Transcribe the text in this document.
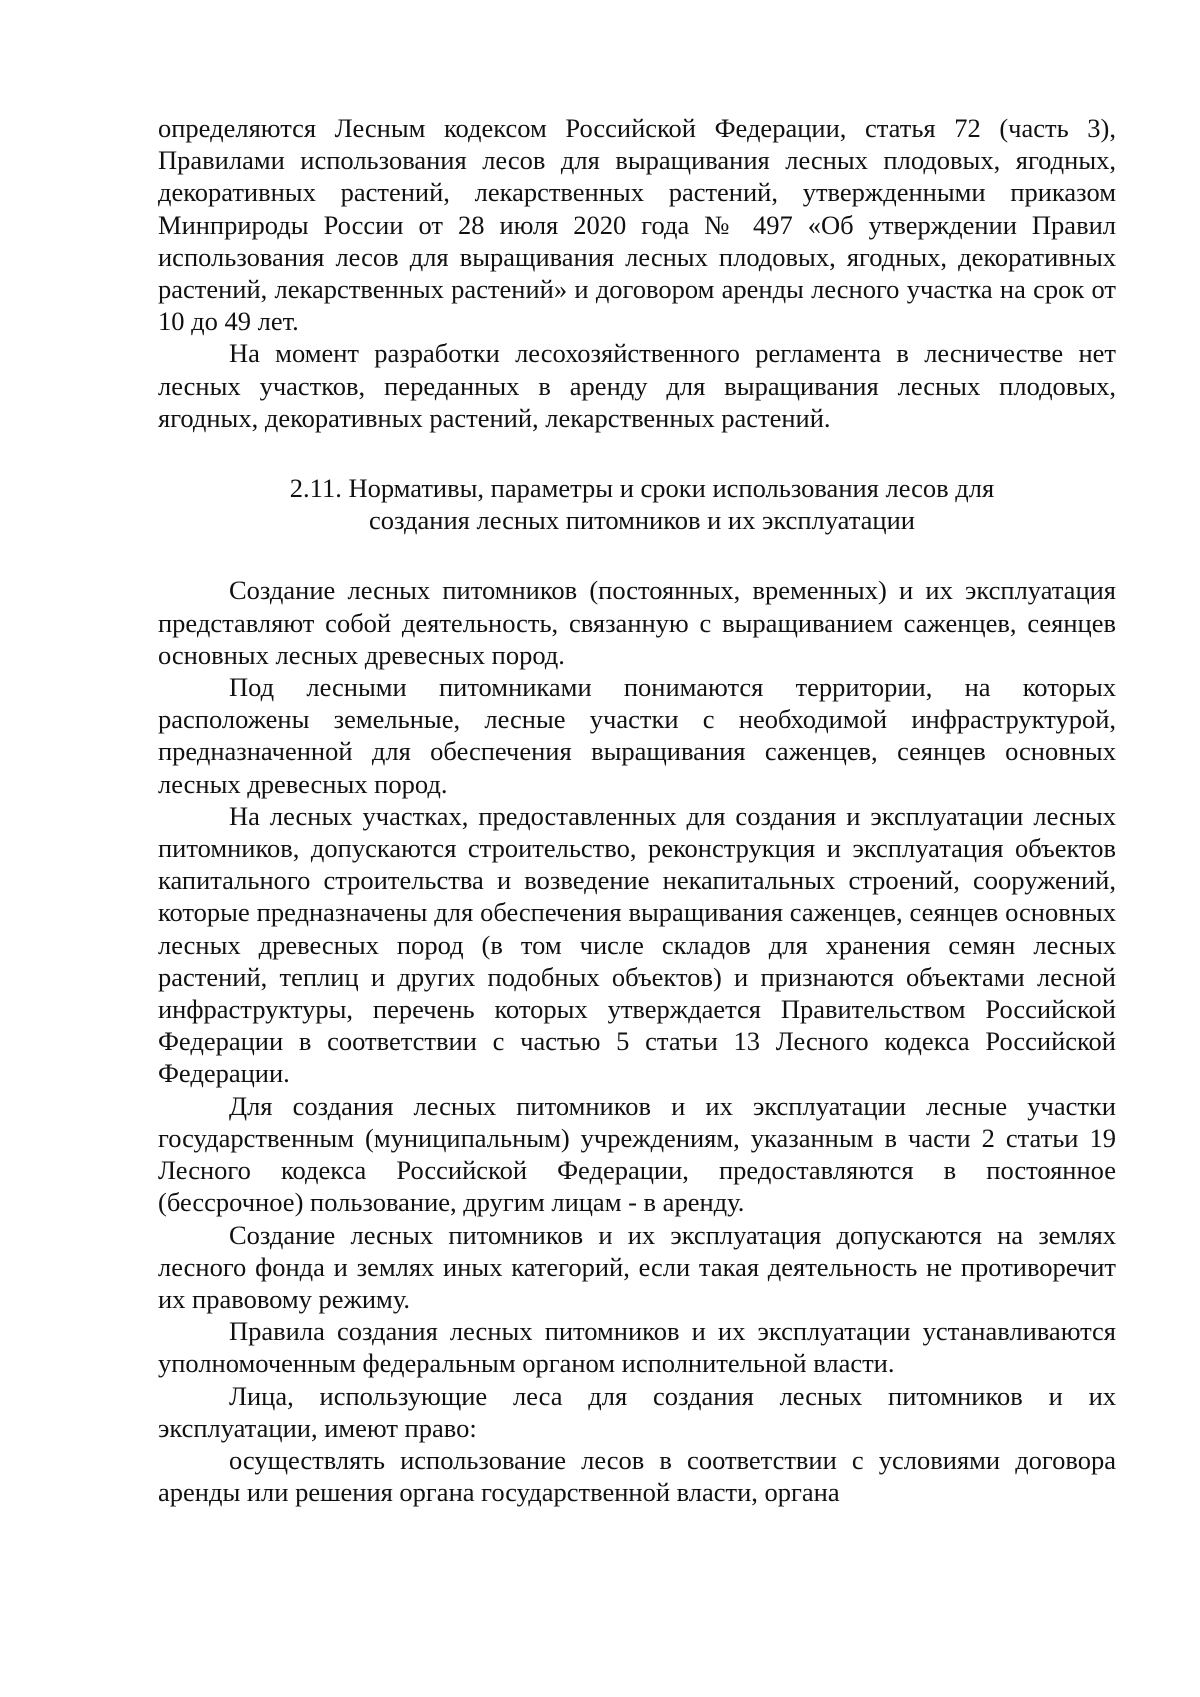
определяются Лесным кодексом Российской Федерации, статья 72 (часть 3), Правилами использования лесов для выращивания лесных плодовых, ягодных, декоративных растений, лекарственных растений, утвержденными приказом Минприроды России от 28 июля 2020 года № 497 «Об утверждении Правил использования лесов для выращивания лесных плодовых, ягодных, декоративных растений, лекарственных растений» и договором аренды лесного участка на срок от 10 до 49 лет.

На момент разработки лесохозяйственного регламента в лесничестве нет лесных участков, переданных в аренду для выращивания лесных плодовых, ягодных, декоративных растений, лекарственных растений.

2.11. Нормативы, параметры и сроки использования лесов для создания лесных питомников и их эксплуатации

Создание лесных питомников (постоянных, временных) и их эксплуатация представляют собой деятельность, связанную с выращиванием саженцев, сеянцев основных лесных древесных пород.

Под лесными питомниками понимаются территории, на которых расположены земельные, лесные участки с необходимой инфраструктурой, предназначенной для обеспечения выращивания саженцев, сеянцев основных лесных древесных пород.

На лесных участках, предоставленных для создания и эксплуатации лесных питомников, допускаются строительство, реконструкция и эксплуатация объектов капитального строительства и возведение некапитальных строений, сооружений, которые предназначены для обеспечения выращивания саженцев, сеянцев основных лесных древесных пород (в том числе складов для хранения семян лесных растений, теплиц и других подобных объектов) и признаются объектами лесной инфраструктуры, перечень которых утверждается Правительством Российской Федерации в соответствии с частью 5 статьи 13 Лесного кодекса Российской Федерации.

Для создания лесных питомников и их эксплуатации лесные участки государственным (муниципальным) учреждениям, указанным в части 2 статьи 19 Лесного кодекса Российской Федерации, предоставляются в постоянное (бессрочное) пользование, другим лицам - в аренду.

Создание лесных питомников и их эксплуатация допускаются на землях лесного фонда и землях иных категорий, если такая деятельность не противоречит их правовому режиму.

Правила создания лесных питомников и их эксплуатации устанавливаются уполномоченным федеральным органом исполнительной власти.

Лица, использующие леса для создания лесных питомников и их эксплуатации, имеют право:

осуществлять использование лесов в соответствии с условиями договора аренды или решения органа государственной власти, органа
